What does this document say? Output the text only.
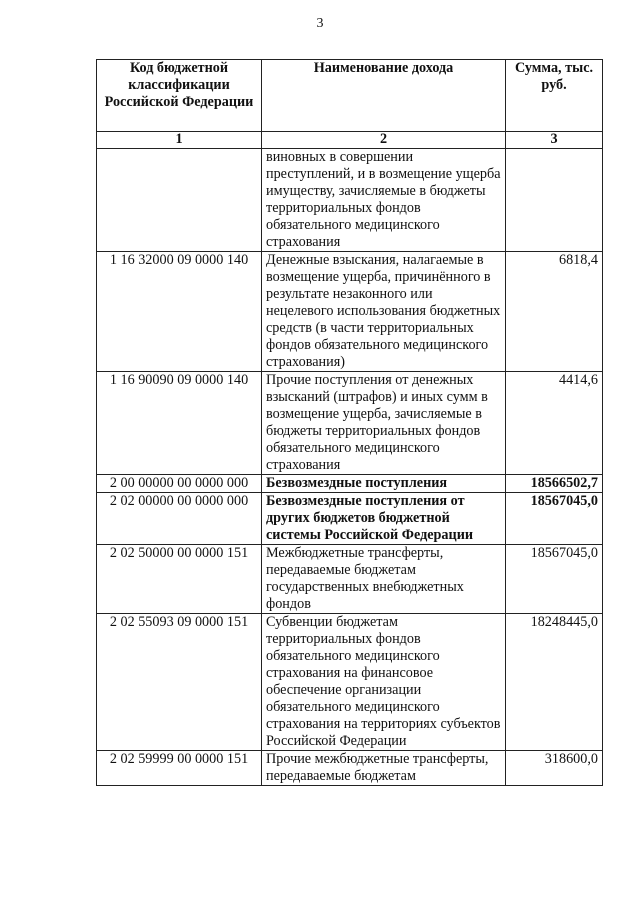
3
Код бюджетной классификации Российской Федерации	Наименование дохода	Сумма, тыс. руб.
1	2	3
	виновных в совершении преступлений, и в возмещение ущерба имуществу, зачисляемые в бюджеты территориальных фондов обязательного медицинского страхования	
1 16 32000 09 0000 140	Денежные взыскания, налагаемые в возмещение ущерба, причинённого в результате незаконного или нецелевого использования бюджетных средств (в части территориальных фондов обязательного медицинского страхования)	6818,4
1 16 90090 09 0000 140	Прочие поступления от денежных взысканий (штрафов) и иных сумм в возмещение ущерба, зачисляемые в бюджеты территориальных фондов обязательного медицинского страхования	4414,6
2 00 00000 00 0000 000	Безвозмездные поступления	18566502,7
2 02 00000 00 0000 000	Безвозмездные поступления от других бюджетов бюджетной системы Российской Федерации	18567045,0
2 02 50000 00 0000 151	Межбюджетные трансферты, передаваемые бюджетам государственных внебюджетных фондов	18567045,0
2 02 55093 09 0000 151	Субвенции бюджетам территориальных фондов обязательного медицинского страхования на финансовое обеспечение организации обязательного медицинского страхования на территориях субъектов Российской Федерации	18248445,0
2 02 59999 00 0000 151	Прочие межбюджетные трансферты, передаваемые бюджетам	318600,0
